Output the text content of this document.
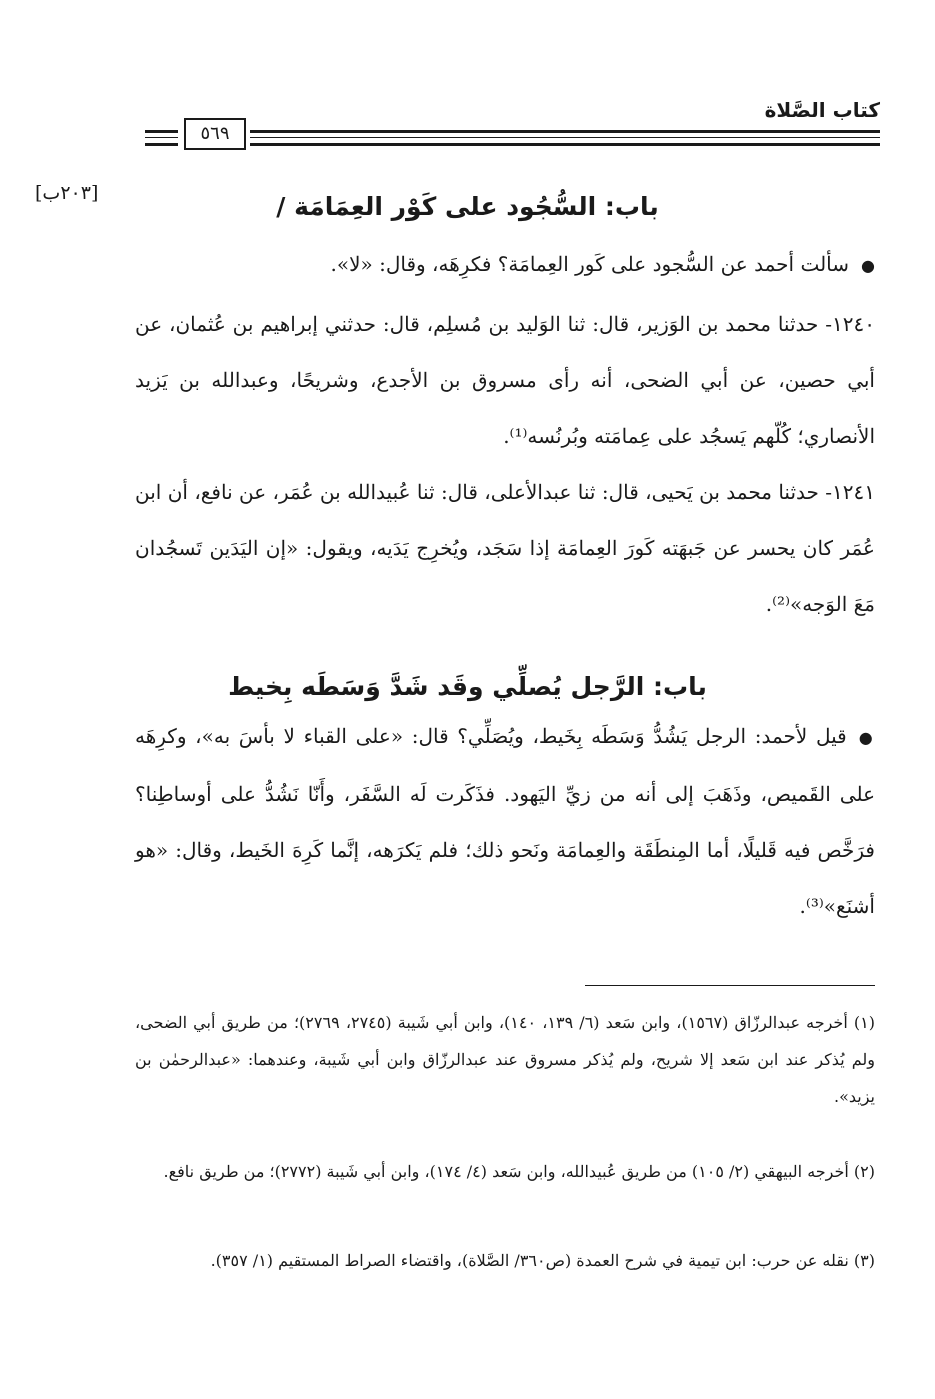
كتاب الصَّلاة
٥٦٩
[٢٠٣ب]	باب: السُّجُود على كَوْر العِمَامَة /
●سألت أحمد عن السُّجود على كَور العِمامَة؟ فكرِهَه، وقال: «لا».
١٢٤٠- حدثنا محمد بن الوَزير، قال: ثنا الوَليد بن مُسلِم، قال: حدثني إبراهيم بن عُثمان، عن أبي حصين، عن أبي الضحى، أنه رأى مسروق بن الأجدع، وشريحًا، وعبدالله بن يَزيد الأنصاري؛ كُلّهم يَسجُد على عِمامَته وبُرنُسه⁽¹⁾.
١٢٤١- حدثنا محمد بن يَحيى، قال: ثنا عبدالأعلى، قال: ثنا عُبيدالله بن عُمَر، عن نافع، أن ابن عُمَر كان يحسر عن جَبهَته كَورَ العِمامَة إذا سَجَد، ويُخرِج يَدَيه، ويقول: «إن اليَدَين تَسجُدان مَعَ الوَجه»⁽²⁾.
باب: الرَّجل يُصلِّي وقَد شَدَّ وَسَطَه بِخيط
●قيل لأحمد: الرجل يَشُدُّ وَسَطَه بِخَيط، ويُصَلِّي؟ قال: «على القباء لا بأسَ به»، وكرِهَه على القَميص، وذَهَبَ إلى أنه من زيِّ اليَهود. فذَكَرت لَه السَّفَر، وأَنّا نَشُدُّ على أوساطِنا؟ فرَخَّص فيه قَليلًا، أما المِنطَقَة والعِمامَة ونَحو ذلك؛ فلم يَكرَهه، إنَّما كَرِهَ الخَيط، وقال: «هو أشنَع»⁽³⁾.
(١) أخرجه عبدالرزّاق (١٥٦٧)، وابن سَعد (٦/ ١٣٩، ١٤٠)، وابن أبي شَيبة (٢٧٤٥، ٢٧٦٩)؛ من طريق أبي الضحى، ولم يُذكر عند ابن سَعد إلا شريح، ولم يُذكر مسروق عند عبدالرزّاق وابن أبي شَيبة، وعندهما: «عبدالرحمٰن بن يزيد».
(٢) أخرجه البيهقي (٢/ ١٠٥) من طريق عُبيدالله، وابن سَعد (٤/ ١٧٤)، وابن أبي شَيبة (٢٧٧٢)؛ من طريق نافع.
(٣) نقله عن حرب: ابن تيمية في شرح العمدة (ص٣٦٠/ الصَّلاة)، واقتضاء الصراط المستقيم (١/ ٣٥٧).
